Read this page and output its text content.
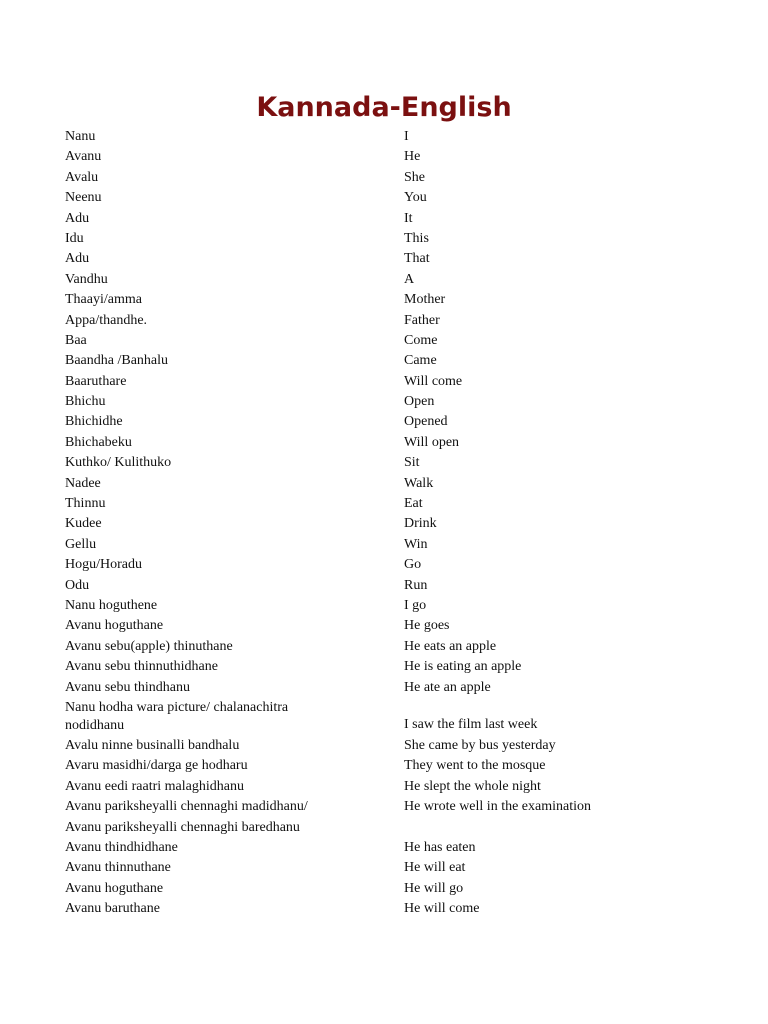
Kannada-English
Nanu	I
Avanu	He
Avalu	She
Neenu	You
Adu	It
Idu	This
Adu	That
Vandhu	A
Thaayi/amma	Mother
Appa/thandhe.	Father
Baa	Come
Baandha /Banhalu	Came
Baaruthare	Will come
Bhichu	Open
Bhichidhe	Opened
Bhichabeku	Will open
Kuthko/ Kulithuko	Sit
Nadee	Walk
Thinnu	Eat
Kudee	Drink
Gellu	Win
Hogu/Horadu	Go
Odu	Run
Nanu hoguthene	I go
Avanu hoguthane	He goes
Avanu sebu(apple) thinuthane	He eats an apple
Avanu sebu thinnuthidhane	He is eating an apple
Avanu sebu thindhanu	He ate an apple
Nanu hodha wara picture/ chalanachitra
nodidhanu	I saw the film last week
Avalu ninne businalli bandhalu	She came by bus yesterday
Avaru masidhi/darga ge hodharu	They went to the mosque
Avanu eedi raatri malaghidhanu	He slept the whole night
Avanu pariksheyalli chennaghi madidhanu/	He wrote well in the examination
Avanu pariksheyalli chennaghi baredhanu
Avanu thindhidhane	He has eaten
Avanu thinnuthane	He will eat
Avanu hoguthane	He will go
Avanu baruthane	He will come
